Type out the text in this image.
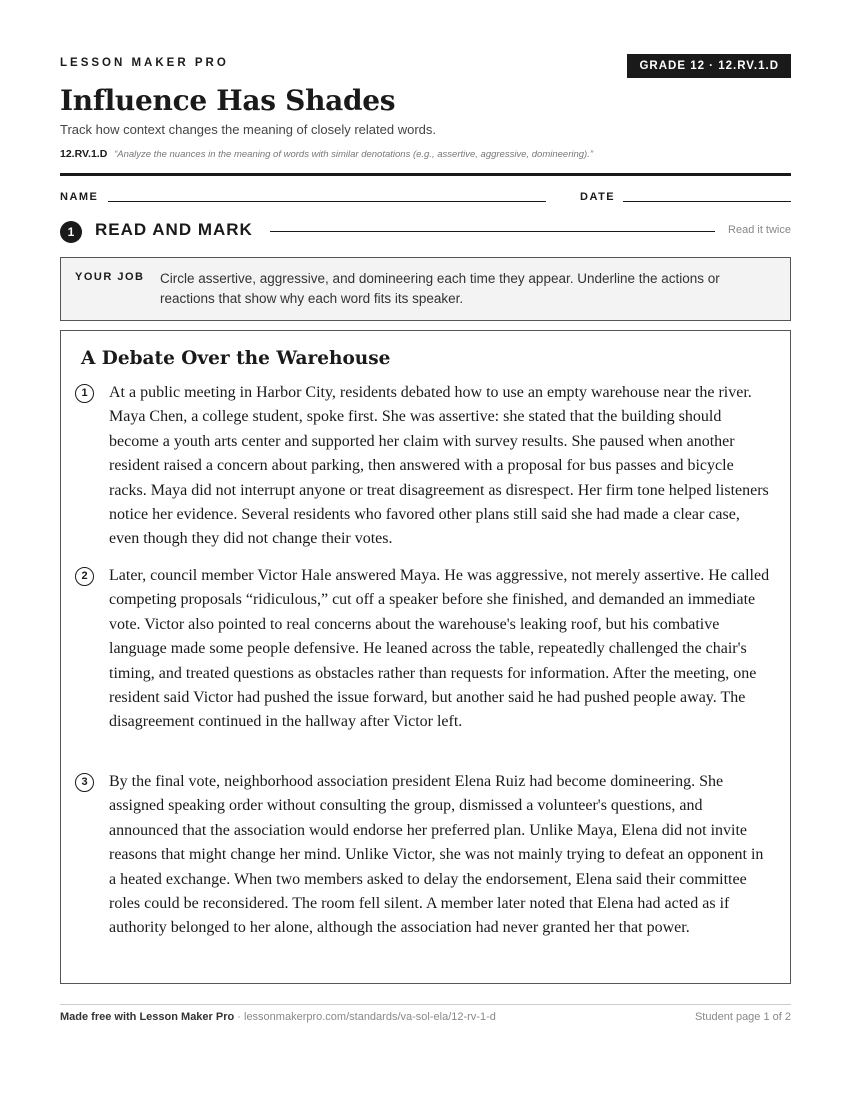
LESSON MAKER PRO	GRADE 12 · 12.RV.1.D
Influence Has Shades
Track how context changes the meaning of closely related words.
12.RV.1.D “Analyze the nuances in the meaning of words with similar denotations (e.g., assertive, aggressive, domineering).”
NAME	DATE
1	READ AND MARK	Read it twice
YOUR JOB Circle assertive, aggressive, and domineering each time they appear. Underline the actions or reactions that show why each word fits its speaker.
A Debate Over the Warehouse
1	At a public meeting in Harbor City, residents debated how to use an empty warehouse near the river. Maya Chen, a college student, spoke first. She was assertive: she stated that the building should become a youth arts center and supported her claim with survey results. She paused when another resident raised a concern about parking, then answered with a proposal for bus passes and bicycle racks. Maya did not interrupt anyone or treat disagreement as disrespect. Her firm tone helped listeners notice her evidence. Several residents who favored other plans still said she had made a clear case, even though they did not change their votes.
2	Later, council member Victor Hale answered Maya. He was aggressive, not merely assertive. He called competing proposals “ridiculous,” cut off a speaker before she finished, and demanded an immediate vote. Victor also pointed to real concerns about the warehouse's leaking roof, but his combative language made some people defensive. He leaned across the table, repeatedly challenged the chair's timing, and treated questions as obstacles rather than requests for information. After the meeting, one resident said Victor had pushed the issue forward, but another said he had pushed people away. The disagreement continued in the hallway after Victor left.
3	By the final vote, neighborhood association president Elena Ruiz had become domineering. She assigned speaking order without consulting the group, dismissed a volunteer's questions, and announced that the association would endorse her preferred plan. Unlike Maya, Elena did not invite reasons that might change her mind. Unlike Victor, she was not mainly trying to defeat an opponent in a heated exchange. When two members asked to delay the endorsement, Elena said their committee roles could be reconsidered. The room fell silent. A member later noted that Elena had acted as if authority belonged to her alone, although the association had never granted her that power.
Made free with Lesson Maker Pro · lessonmakerpro.com/standards/va-sol-ela/12-rv-1-d	Student page 1 of 2
